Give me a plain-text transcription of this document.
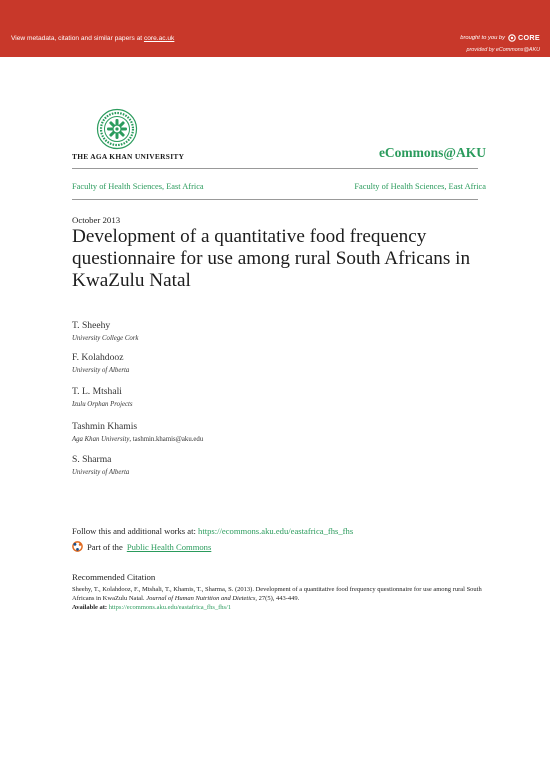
View metadata, citation and similar papers at core.ac.uk	brought to you by CORE
provided by eCommons@AKU
THE AGA KHAN UNIVERSITY	eCommons@AKU
Faculty of Health Sciences, East Africa	Faculty of Health Sciences, East Africa
October 2013
Development of a quantitative food frequency questionnaire for use among rural South Africans in KwaZulu Natal
T. Sheehy
University College Cork
F. Kolahdooz
University of Alberta
T. L. Mtshali
Izulu Orphan Projects
Tashmin Khamis
Aga Khan University, tashmin.khamis@aku.edu
S. Sharma
University of Alberta
Follow this and additional works at: https://ecommons.aku.edu/eastafrica_fhs_fhs
Part of the Public Health Commons
Recommended Citation
Sheehy, T., Kolahdooz, F., Mtshali, T., Khamis, T., Sharma, S. (2013). Development of a quantitative food frequency questionnaire for use among rural South Africans in KwaZulu Natal. Journal of Human Nutrition and Dietetics, 27(5), 443-449.
Available at: https://ecommons.aku.edu/eastafrica_fhs_fhs/1
